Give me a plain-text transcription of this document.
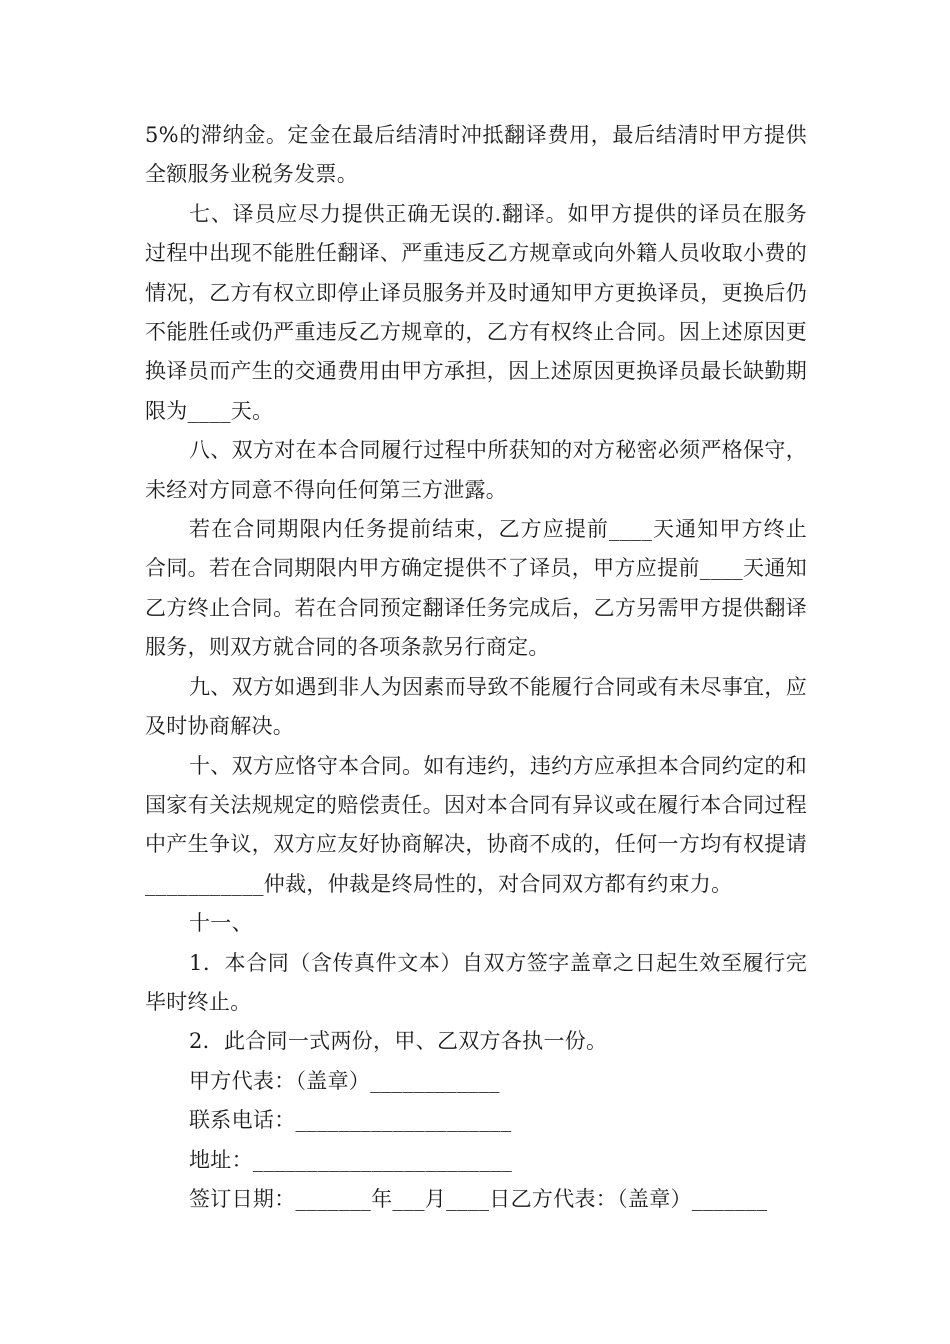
5%的滞纳金。定金在最后结清时冲抵翻译费用，最后结清时甲方提供全额服务业税务发票。

七、译员应尽力提供正确无误的.翻译。如甲方提供的译员在服务过程中出现不能胜任翻译、严重违反乙方规章或向外籍人员收取小费的情况，乙方有权立即停止译员服务并及时通知甲方更换译员，更换后仍不能胜任或仍严重违反乙方规章的，乙方有权终止合同。因上述原因更换译员而产生的交通费用由甲方承担，因上述原因更换译员最长缺勤期限为____天。

八、双方对在本合同履行过程中所获知的对方秘密必须严格保守，未经对方同意不得向任何第三方泄露。

若在合同期限内任务提前结束，乙方应提前____天通知甲方终止合同。若在合同期限内甲方确定提供不了译员，甲方应提前____天通知乙方终止合同。若在合同预定翻译任务完成后，乙方另需甲方提供翻译服务，则双方就合同的各项条款另行商定。

九、双方如遇到非人为因素而导致不能履行合同或有未尽事宜，应及时协商解决。

十、双方应恪守本合同。如有违约，违约方应承担本合同约定的和国家有关法规规定的赔偿责任。因对本合同有异议或在履行本合同过程中产生争议，双方应友好协商解决，协商不成的，任何一方均有权提请___________仲裁，仲裁是终局性的，对合同双方都有约束力。

十一、

1．本合同（含传真件文本）自双方签字盖章之日起生效至履行完毕时终止。

2．此合同一式两份，甲、乙双方各执一份。

甲方代表：（盖章）____________

联系电话：____________________

地址：________________________

签订日期：_______年___月____日乙方代表：（盖章）_______
